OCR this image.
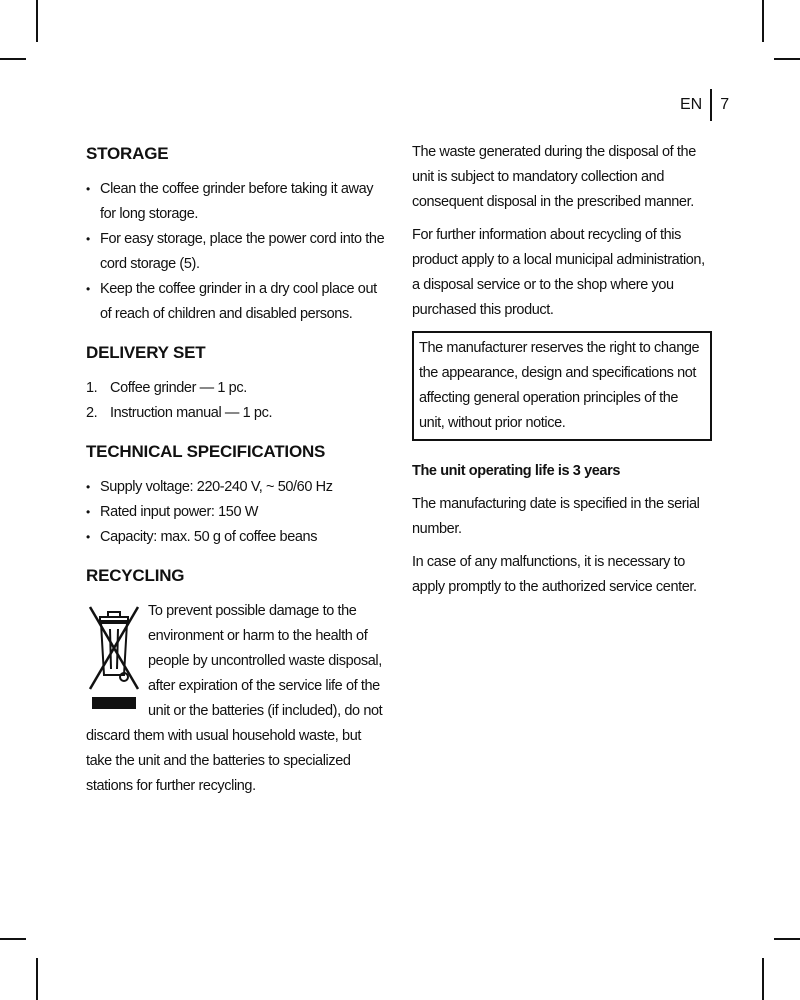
EN	7
STORAGE
• Clean the coffee grinder before taking it away for long storage.
• For easy storage, place the power cord into the cord storage (5).
• Keep the coffee grinder in a dry cool place out of reach of children and disabled persons.
DELIVERY SET
1. Coffee grinder — 1 pc.
2. Instruction manual — 1 pc.
TECHNICAL SPECIFICATIONS
• Supply voltage: 220-240 V, ~ 50/60 Hz
• Rated input power: 150 W
• Capacity: max. 50 g of coffee beans
RECYCLING

To prevent possible damage to the environment or harm to the health of people by uncontrolled waste disposal, after expiration of the service life of the unit or the batteries (if included), do not discard them with usual household waste, but take the unit and the batteries to specialized stations for further recycling.

The waste generated during the disposal of the unit is subject to mandatory collection and consequent disposal in the prescribed manner.

For further information about recycling of this product apply to a local municipal administration, a disposal service or to the shop where you purchased this product.

The manufacturer reserves the right to change the appearance, design and specifications not affecting general operation principles of the unit, without prior notice.
The unit operating life is 3 years

The manufacturing date is specified in the serial number.

In case of any malfunctions, it is necessary to apply promptly to the authorized service center.
